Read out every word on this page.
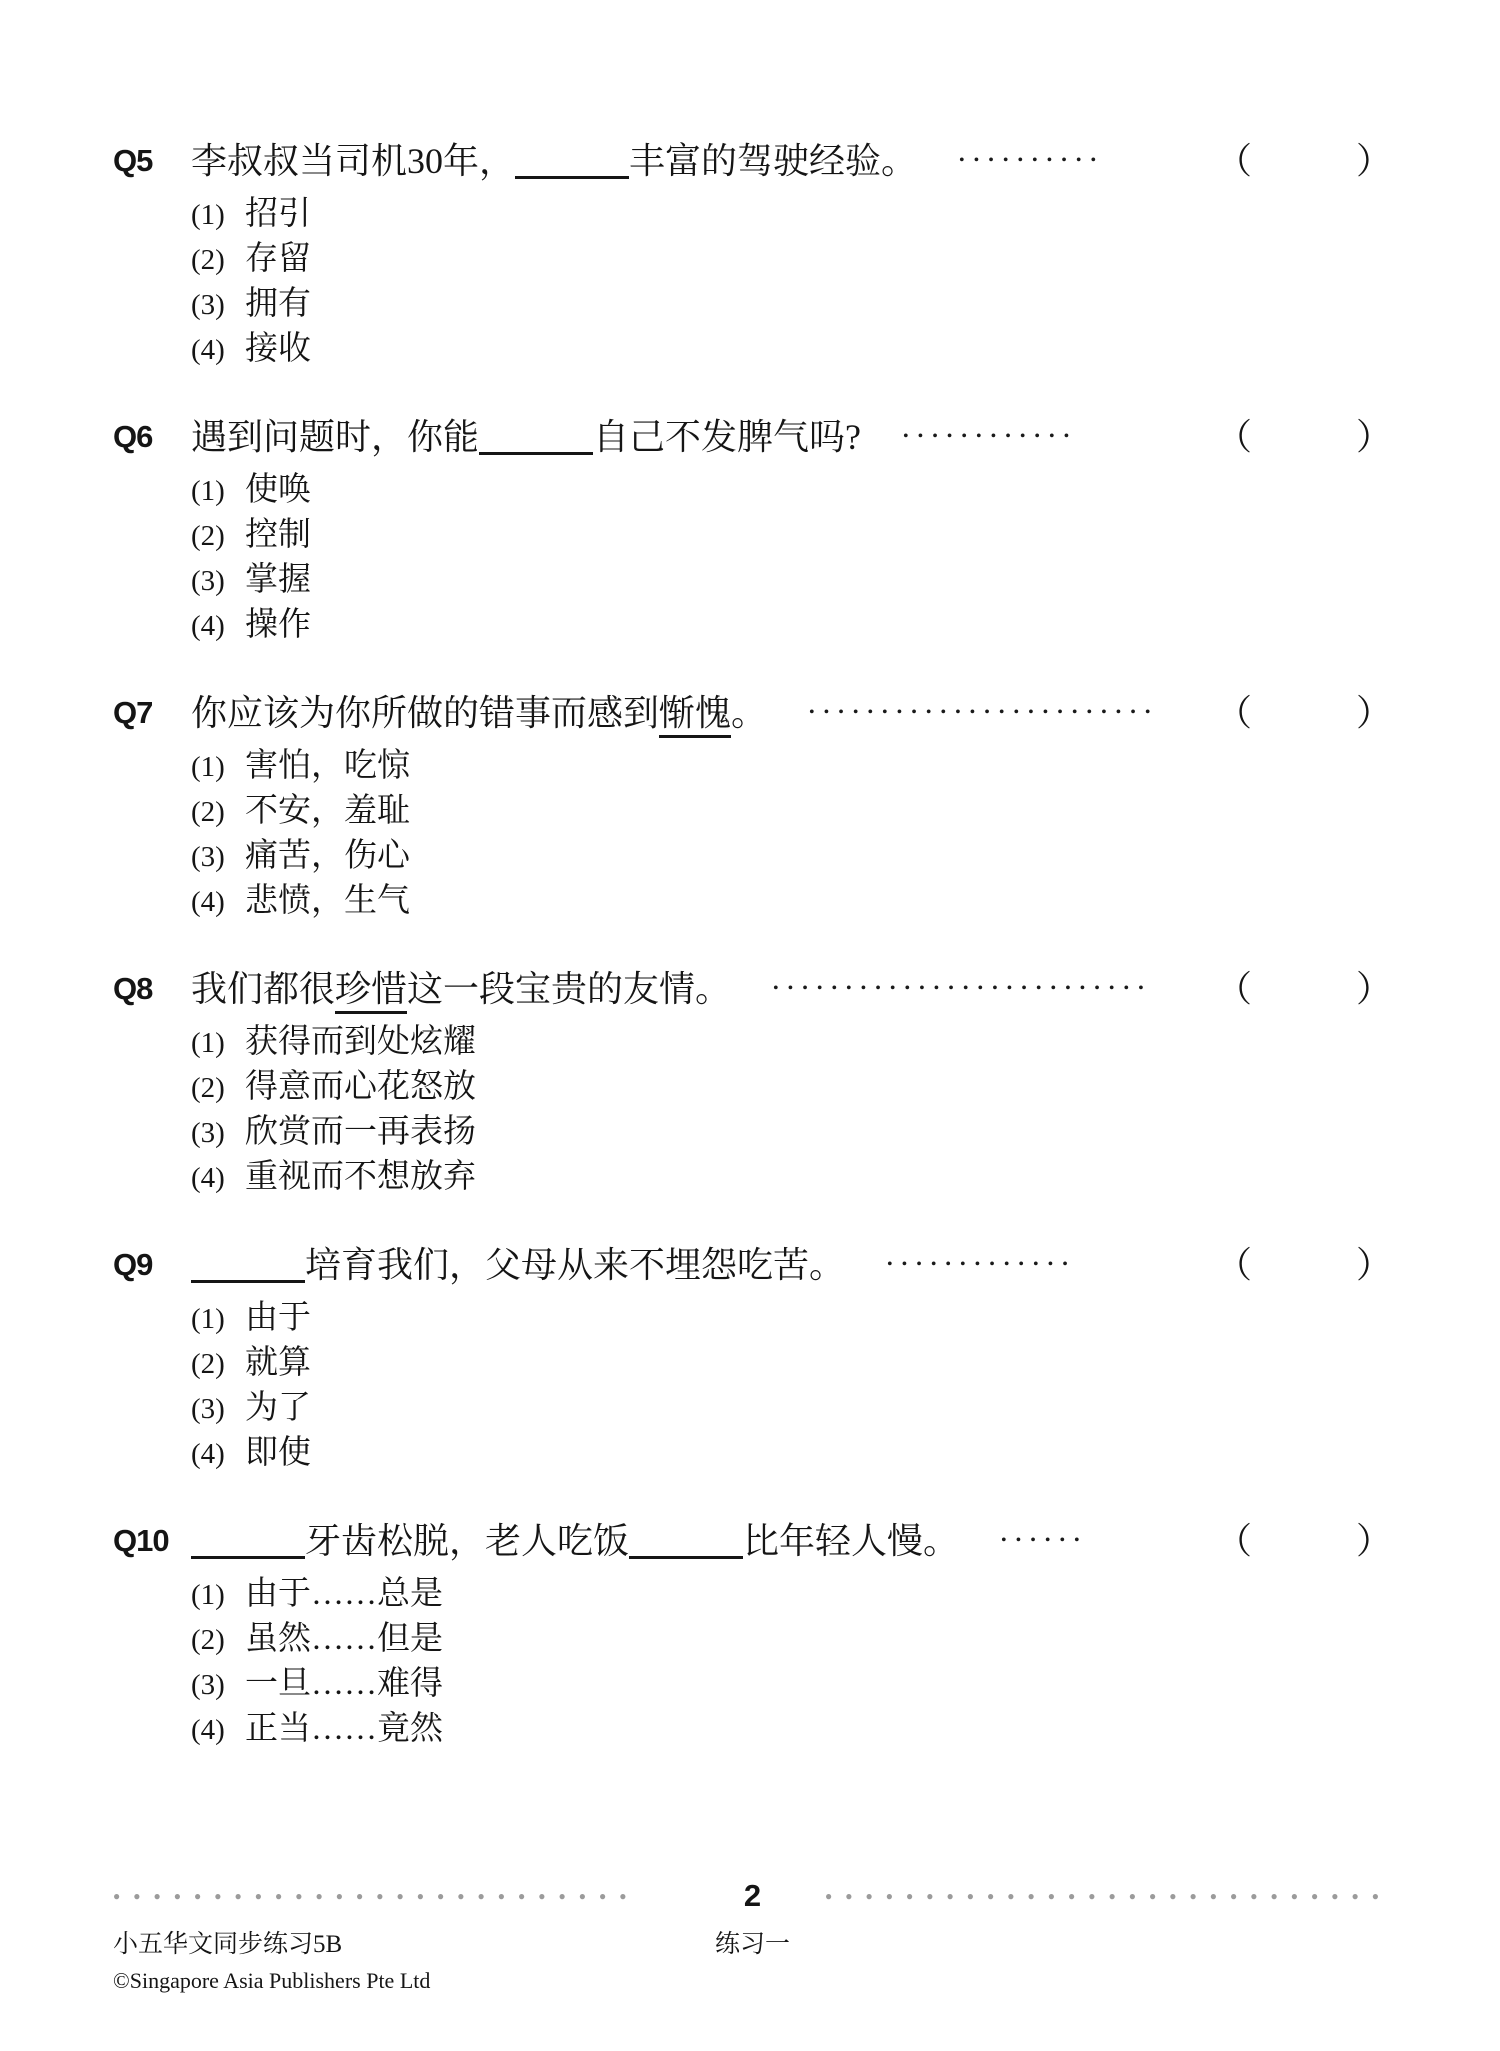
Q5	李叔叔当司机30年，	丰富的驾驶经验。	••••••••••	（	）
(1) 招引
(2) 存留
(3) 拥有
(4) 接收
Q6	遇到问题时，你能	自己不发脾气吗?	••••••••••••	（	）
(1) 使唤
(2) 控制
(3) 掌握
(4) 操作
Q7	你应该为你所做的错事而感到惭愧。	•••••••••••••••••••••••• （	）
(1) 害怕，吃惊
(2) 不安，羞耻
(3) 痛苦，伤心
(4) 悲愤，生气
Q8	我们都很珍惜这一段宝贵的友情。	•••••••••••••••••••••••••• （	）
(1) 获得而到处炫耀
(2) 得意而心花怒放
(3) 欣赏而一再表扬
(4) 重视而不想放弃
Q9	培育我们，父母从来不埋怨吃苦。	•••••••••••••	（	）
(1) 由于
(2) 就算
(3) 为了
(4) 即使
Q10	牙齿松脱，老人吃饭	比年轻人慢。	••••••	（	）
(1) 由于……总是
(2) 虽然……但是
(3) 一旦……难得
(4) 正当……竟然
●●●●●●●●●●●●●●●●●●●●●●●●●●	2	●●●●●●●●●●●●●●●●●●●●●●●●●●●●
小五华文同步练习5B	练习一
©Singapore Asia Publishers Pte Ltd
